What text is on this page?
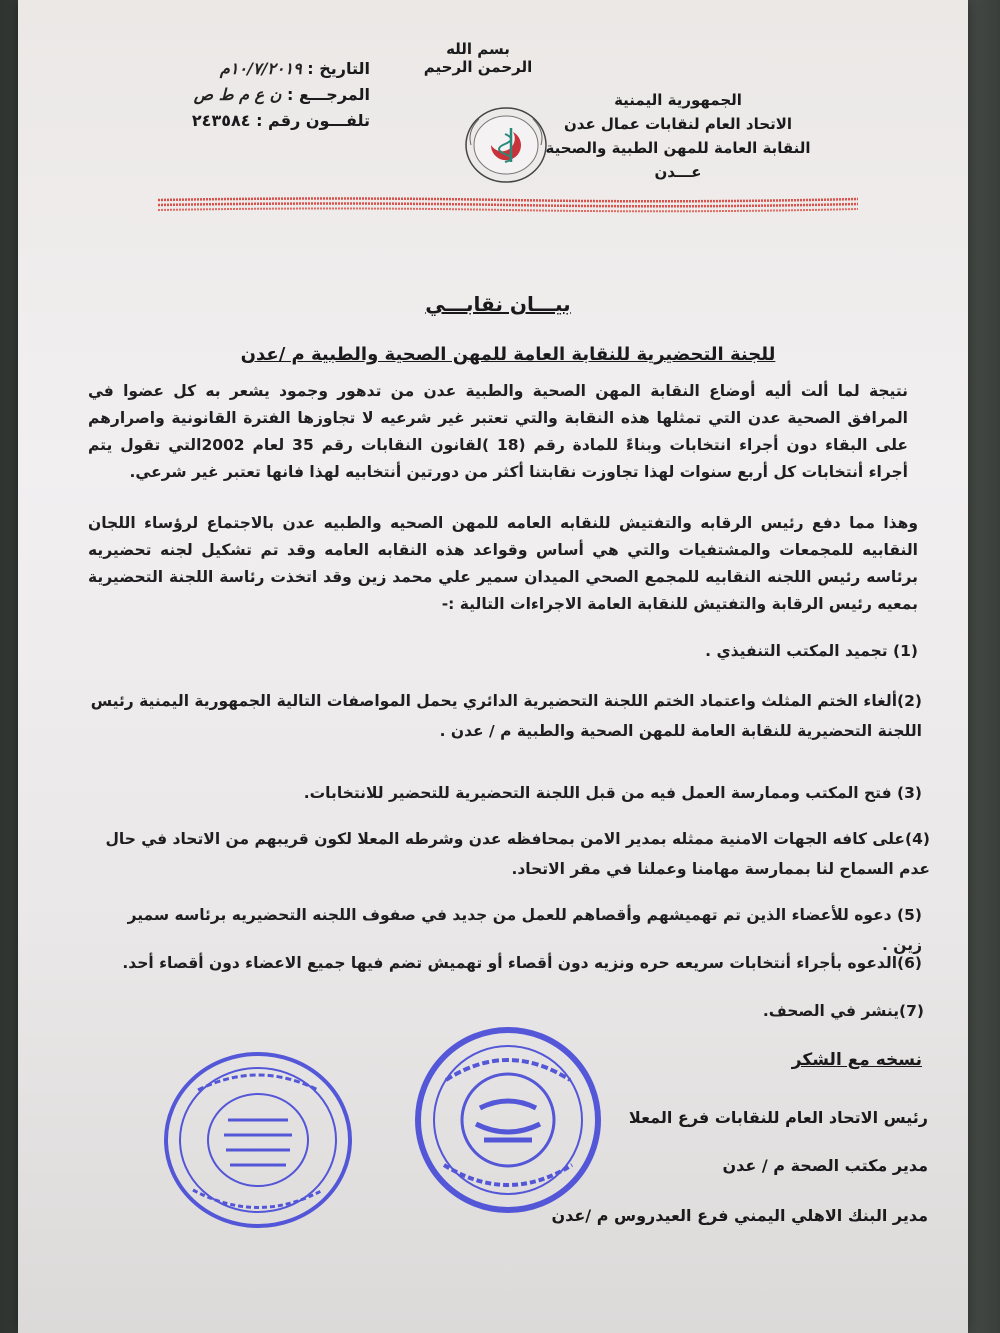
بسم الله الرحمن الرحيم
الجمهورية اليمنية
الاتحاد العام لنقابات عمال عدن
النقابة العامة للمهن الطبية والصحية
عـــدن
التاريخ : ١٠/٧/٢٠١٩م
المرجـــع : ن ع م ط ص
تلفـــون رقم : ٢٤٣٥٨٤
بيـــان نقابـــي
للجنة التحضيرية للنقابة العامة للمهن الصحية والطبية م /عدن
نتيجة لما ألت أليه أوضاع النقابة المهن الصحية والطبية عدن من تدهور وجمود يشعر به كل عضوا في المرافق الصحية عدن التي تمثلها هذه النقابة والتي تعتبر غير شرعيه لا تجاوزها الفترة القانونية واصرارهم على البقاء دون أجراء انتخابات وبناءً للمادة رقم (18 )لقانون النقابات رقم 35 لعام 2002التي تقول يتم أجراء أنتخابات كل أربع سنوات لهذا تجاوزت نقابتنا أكثر من دورتين أنتخابيه لهذا فانها تعتبر غير شرعي.
وهذا مما دفع رئيس الرقابه والتفتيش للنقابه العامه للمهن الصحيه والطبيه عدن بالاجتماع لرؤساء اللجان النقابيه للمجمعات والمشتفيات والتي هي أساس وقواعد هذه النقابه العامه وقد تم تشكيل لجنه تحضيريه برئاسه رئيس اللجنه النقابيه للمجمع الصحي الميدان سمير علي محمد زين وقد اتخذت رئاسة اللجنة التحضيرية بمعيه رئيس الرقابة والتفتيش للنقابة العامة الاجراءات التالية :-
(1) تجميد المكتب التنفيذي .
(2)ألغاء الختم المثلث واعتماد الختم اللجنة التحضيرية الدائري يحمل المواصفات التالية الجمهورية اليمنية رئيس اللجنة التحضيرية للنقابة العامة للمهن الصحية والطبية م / عدن .
(3) فتح المكتب وممارسة العمل فيه من قبل اللجنة التحضيرية للتحضير للانتخابات.
(4)على كافه الجهات الامنية ممثله بمدير الامن بمحافظه عدن وشرطه المعلا لكون قريبهم من الاتحاد في حال عدم السماح لنا بممارسة مهامنا وعملنا في مقر الاتحاد.
(5) دعوه للأعضاء الذين تم تهميشهم وأقصاهم للعمل من جديد في صفوف اللجنه التحضيريه برئاسه سمير زين .
(6)الدعوه بأجراء أنتخابات سريعه حره ونزيه دون أقصاء أو تهميش تضم فيها جميع الاعضاء دون أقصاء أحد.
(7)ينشر في الصحف.
نسخه مع الشكر
رئيس الاتحاد العام للنقابات فرع المعلا
مدير مكتب الصحة م / عدن
مدير البنك الاهلي اليمني فرع العيدروس م /عدن
